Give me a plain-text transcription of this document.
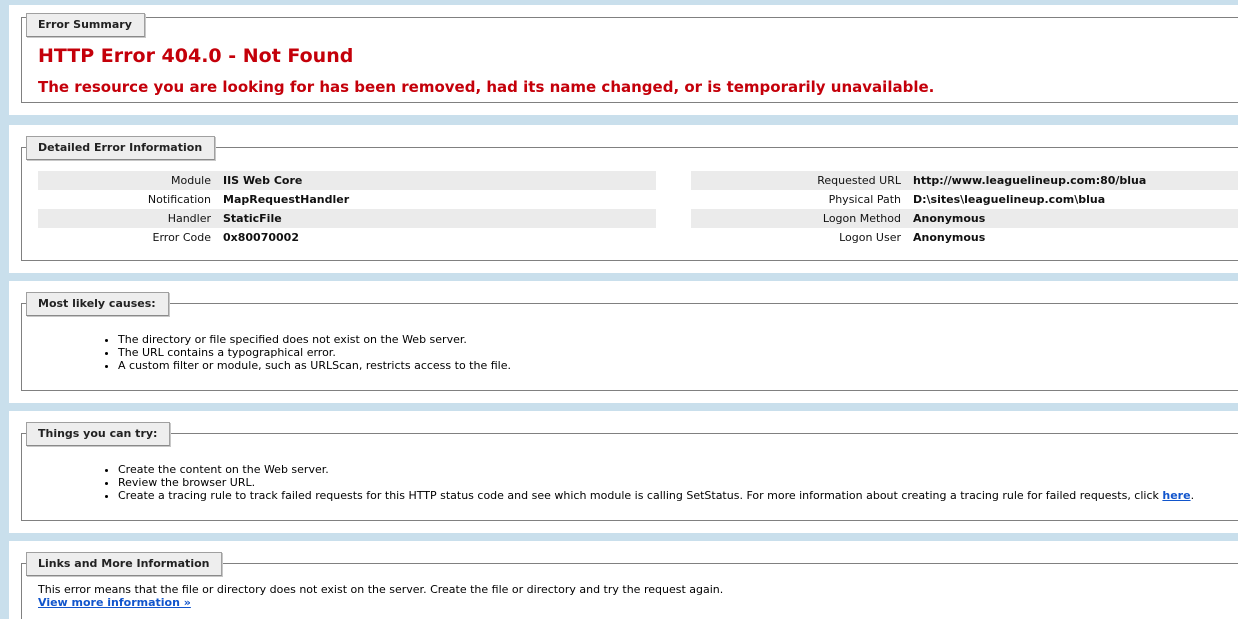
Error Summary
HTTP Error 404.0 - Not Found
The resource you are looking for has been removed, had its name changed, or is temporarily unavailable.
Detailed Error Information
Module	IIS Web Core
Notification	MapRequestHandler
Handler	StaticFile
Error Code	0x80070002
Requested URL	http://www.leaguelineup.com:80/blua
Physical Path	D:\sites\leaguelineup.com\blua
Logon Method	Anonymous
Logon User	Anonymous
Most likely causes:
• The directory or file specified does not exist on the Web server.
• The URL contains a typographical error.
• A custom filter or module, such as URLScan, restricts access to the file.
Things you can try:
• Create the content on the Web server.
• Review the browser URL.
• Create a tracing rule to track failed requests for this HTTP status code and see which module is calling SetStatus. For more information about creating a tracing rule for failed requests, click here.
Links and More Information
This error means that the file or directory does not exist on the server. Create the file or directory and try the request again.
View more information »
